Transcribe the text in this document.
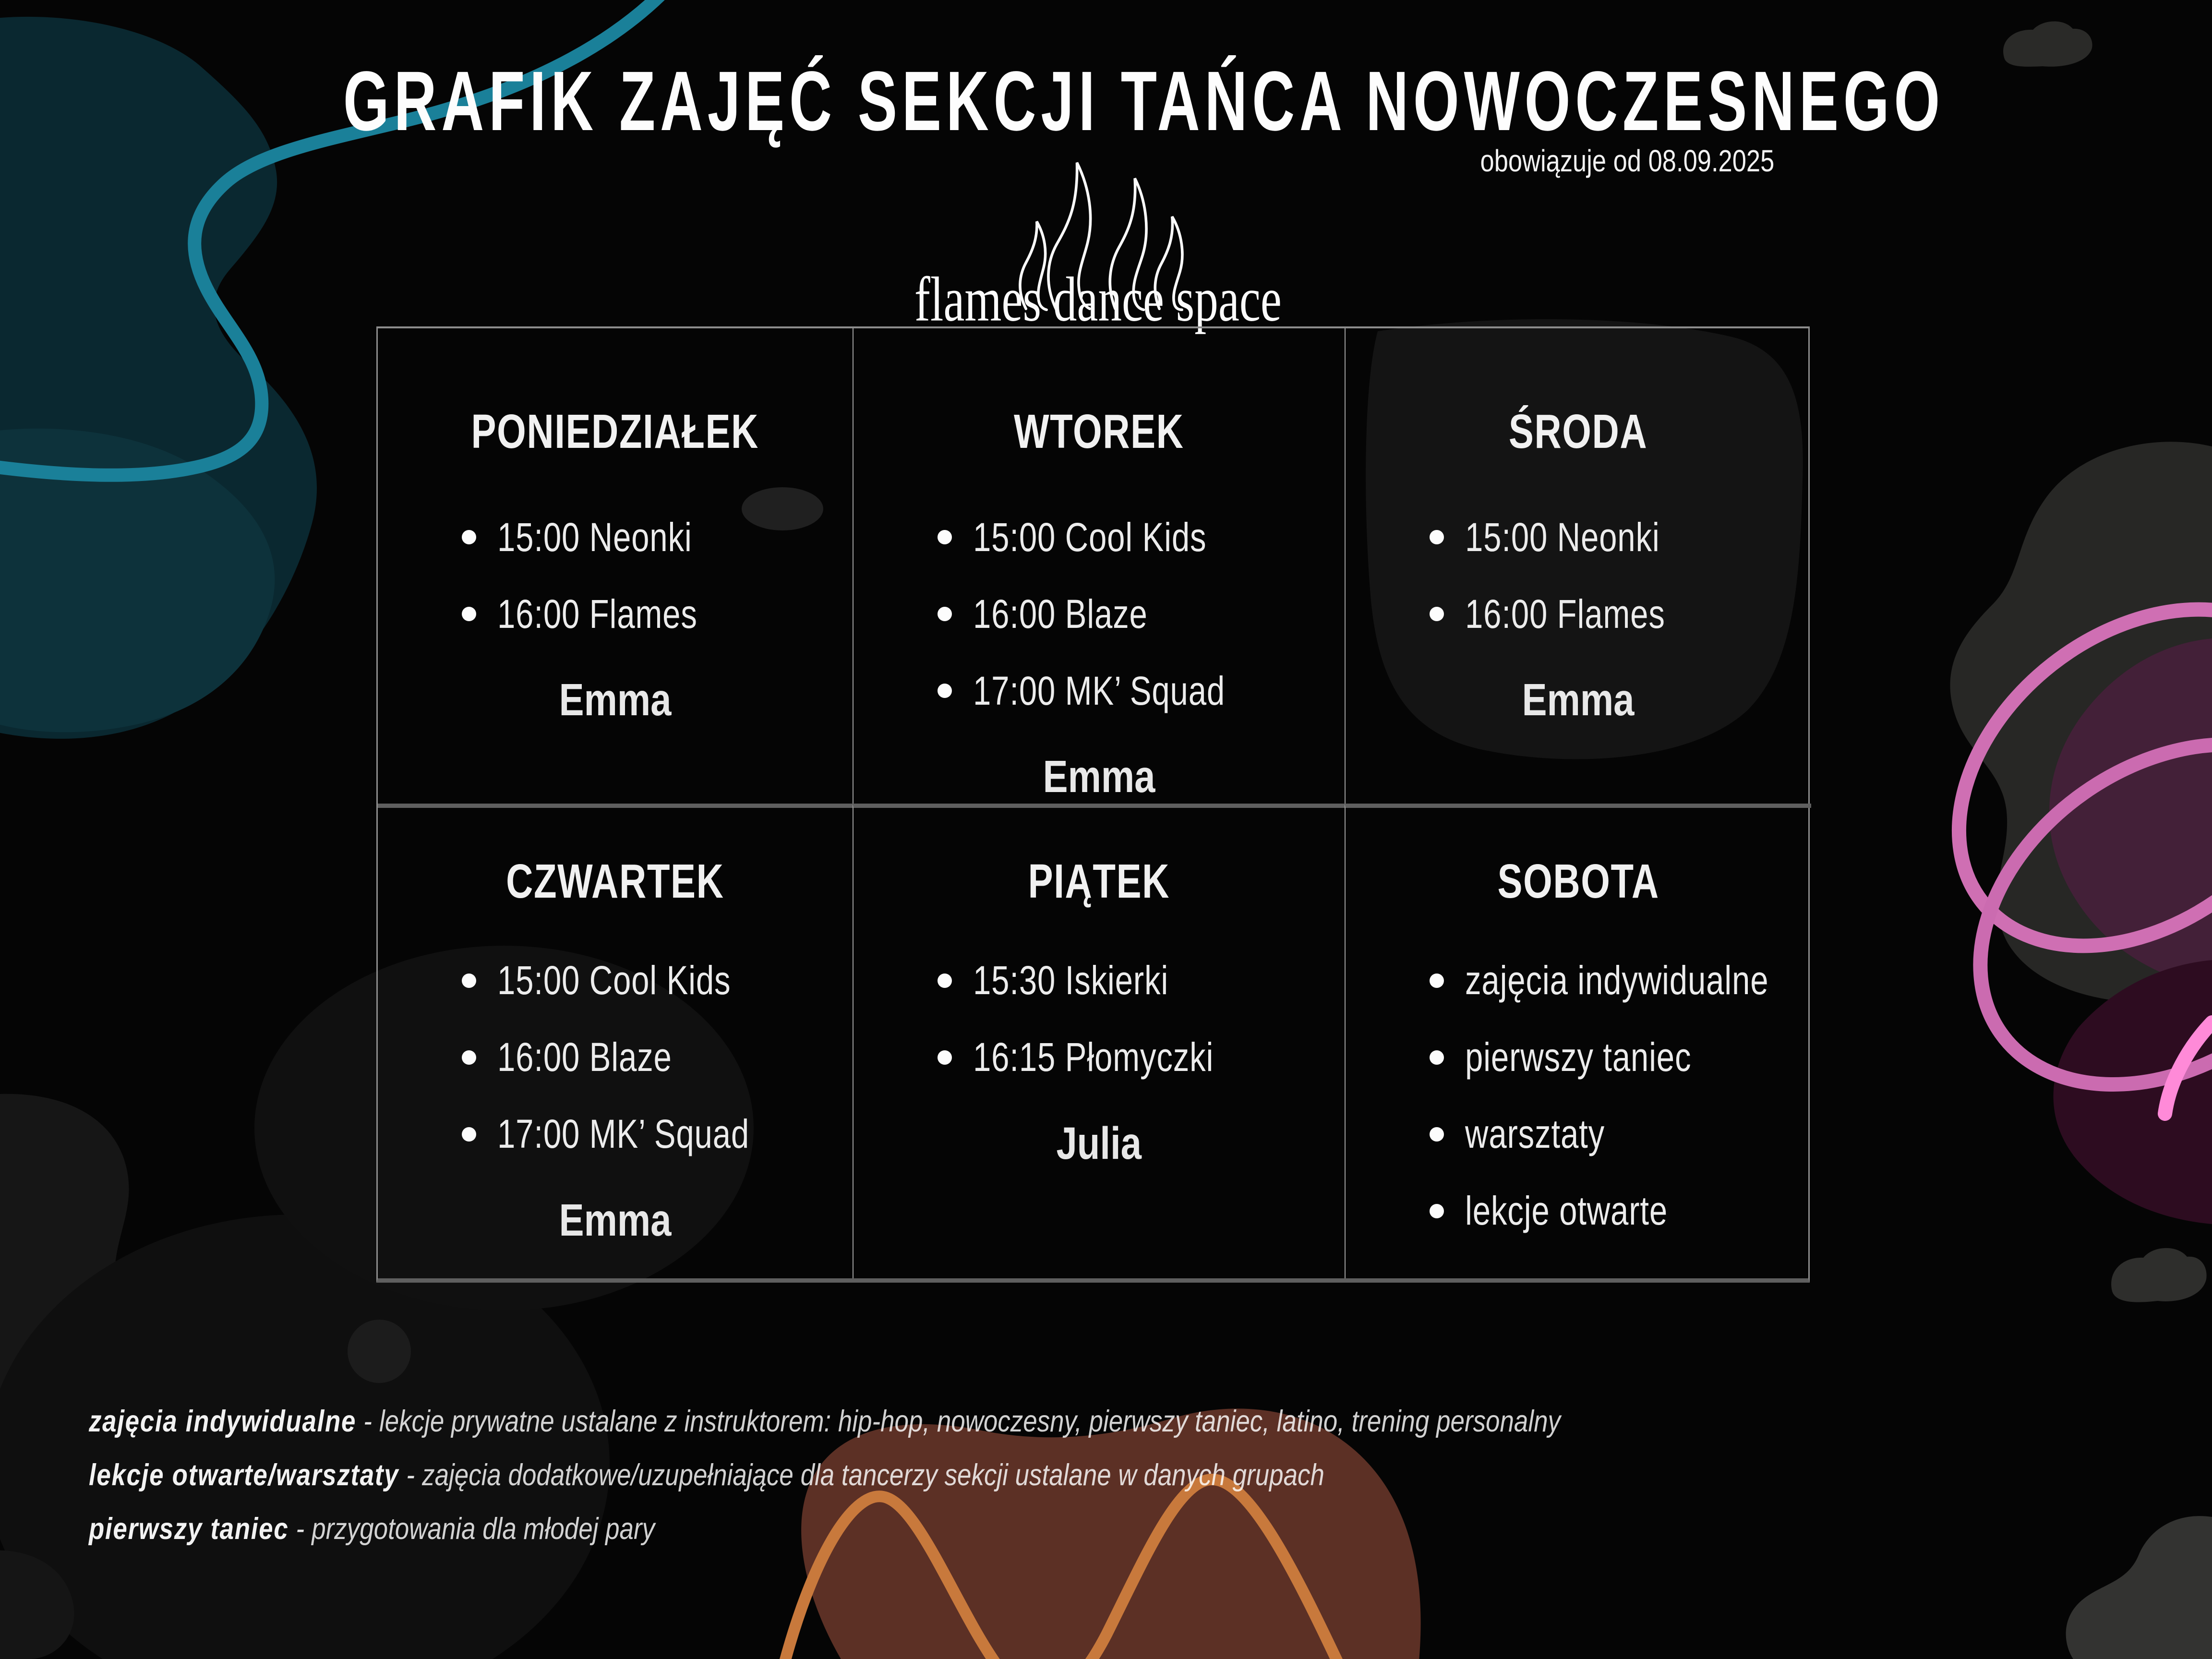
GRAFIK ZAJĘĆ SEKCJI TAŃCA NOWOCZESNEGO
obowiązuje od 08.09.2025
flames dance space
PONIEDZIAŁEK
15:00 Neonki
16:00 Flames
Emma
WTOREK
15:00 Cool Kids
16:00 Blaze
17:00 MK’ Squad
Emma
ŚRODA
15:00 Neonki
16:00 Flames
Emma
CZWARTEK
15:00 Cool Kids
16:00 Blaze
17:00 MK’ Squad
Emma
PIĄTEK
15:30 Iskierki
16:15 Płomyczki
Julia
SOBOTA
zajęcia indywidualne
pierwszy taniec
warsztaty
lekcje otwarte
zajęcia indywidualne - lekcje prywatne ustalane z instruktorem: hip-hop, nowoczesny, pierwszy taniec, latino, trening personalny
lekcje otwarte/warsztaty - zajęcia dodatkowe/uzupełniające dla tancerzy sekcji ustalane w danych grupach
pierwszy taniec - przygotowania dla młodej pary
